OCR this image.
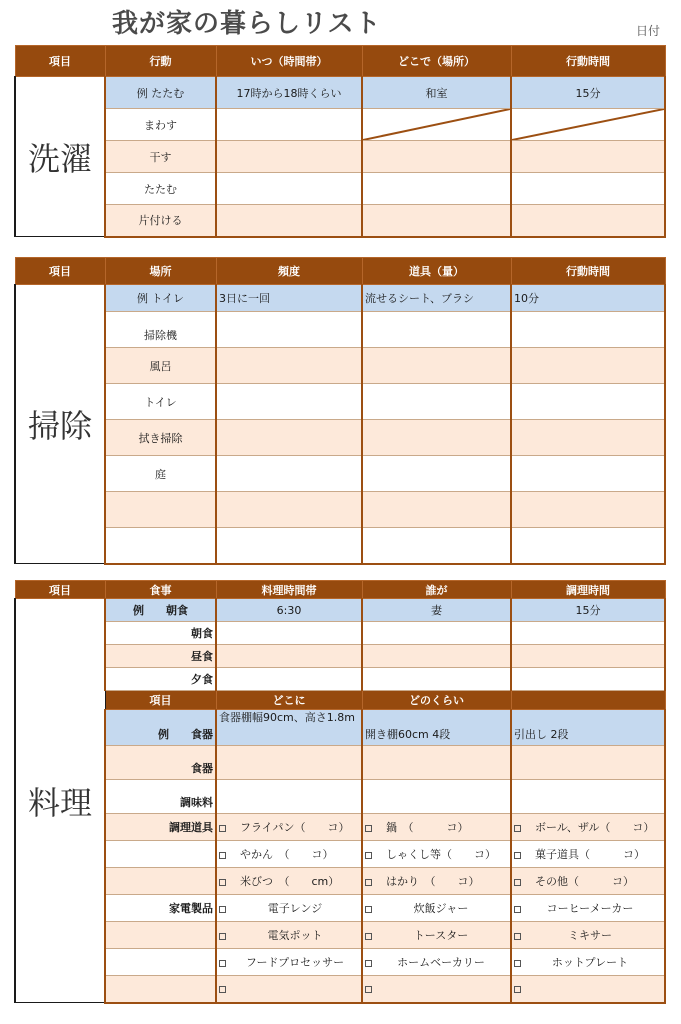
我が家の暮らしリスト	日付
項目	行動	いつ（時間帯）	どこで（場所）	行動時間
洗濯	例 たたむ	17時から18時くらい	和室	15分
	まわす		

	干す			
	たたむ			
	片付ける			
項目	場所	頻度	道具（量）	行動時間
掃除	例 トイレ	3日に一回	流せるシート、ブラシ	10分
	掃除機			
	風呂			
	トイレ			
	拭き掃除			
	庭			

項目	食事	料理時間帯	誰が	調理時間
料理	例　　朝食	6:30	妻	15分
	朝食			
	昼食			
	夕食			
	項目	どこに	どのくらい	
	例　　食器	食器棚幅90cm、高さ1.8m	開き棚60cm 4段	引出し 2段
	食器			
	調味料			
	調理道具	フライパン（　　コ）	鍋　（　　　コ）	ボール、ザル（　　コ）
		やかん　（　　コ）	しゃくし等（　　コ）	菓子道具（　　　コ）
		米びつ　（　　cm）	はかり　（　　コ）	その他（　　　コ）
	家電製品	電子レンジ	炊飯ジャー	コーヒーメーカー
		電気ポット	トースター	ミキサー
		フードプロセッサー	ホームベーカリー	ホットプレート
